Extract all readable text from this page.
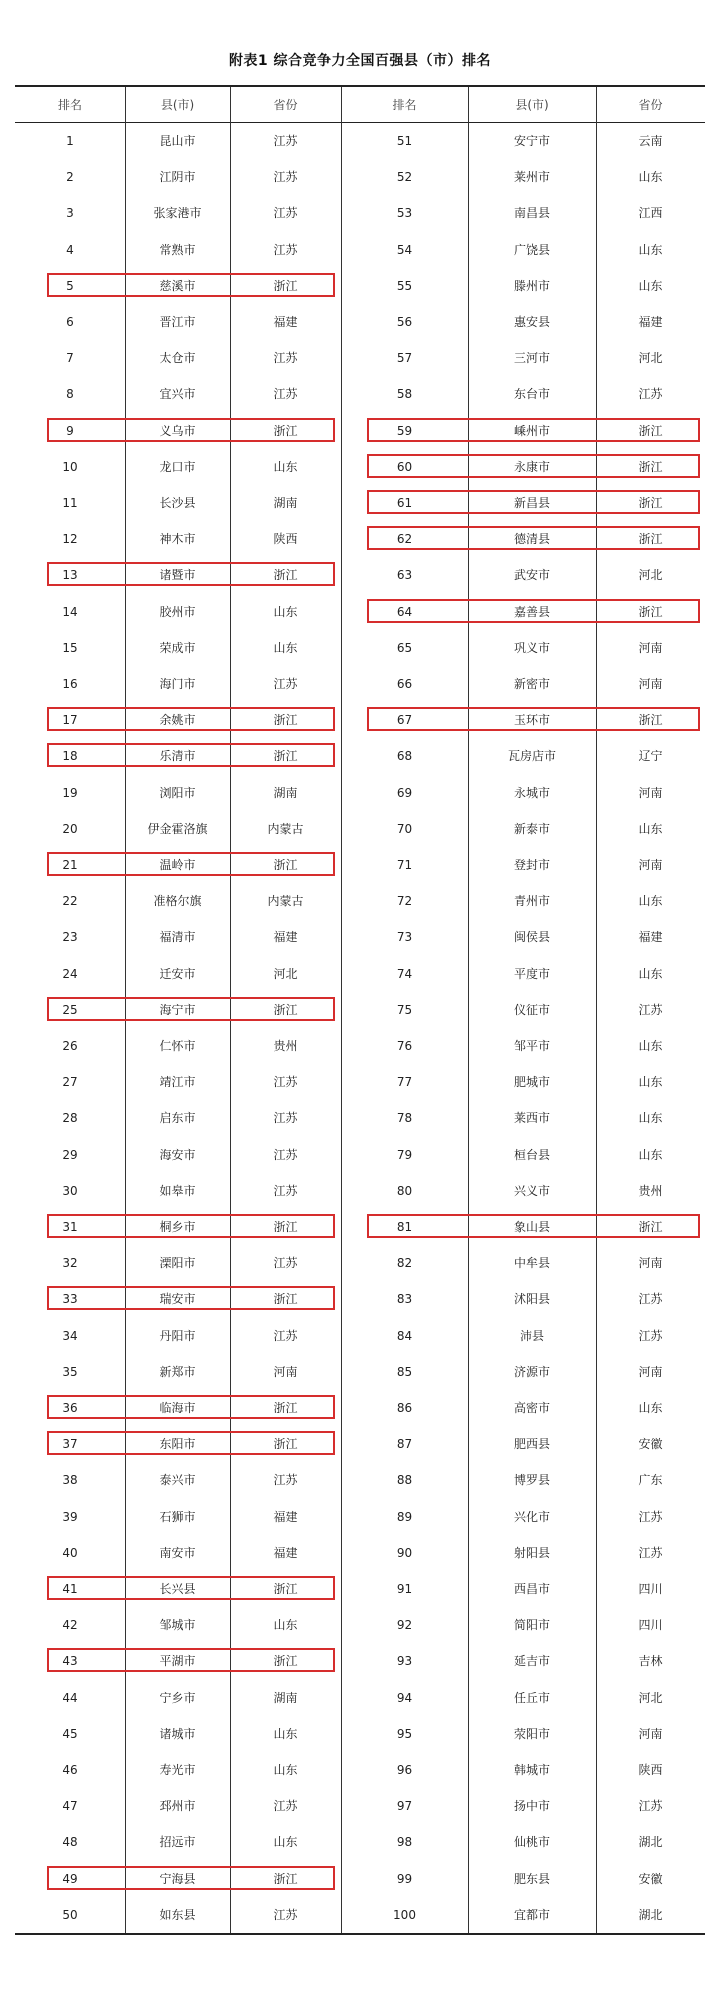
附表1 综合竞争力全国百强县（市）排名
排名	县(市)	省份	排名	县(市)	省份
1	昆山市	江苏	51	安宁市	云南
2	江阴市	江苏	52	莱州市	山东
3	张家港市	江苏	53	南昌县	江西
4	常熟市	江苏	54	广饶县	山东
5	慈溪市	浙江	55	滕州市	山东
6	晋江市	福建	56	惠安县	福建
7	太仓市	江苏	57	三河市	河北
8	宜兴市	江苏	58	东台市	江苏
9	义乌市	浙江	59	嵊州市	浙江
10	龙口市	山东	60	永康市	浙江
11	长沙县	湖南	61	新昌县	浙江
12	神木市	陕西	62	德清县	浙江
13	诸暨市	浙江	63	武安市	河北
14	胶州市	山东	64	嘉善县	浙江
15	荣成市	山东	65	巩义市	河南
16	海门市	江苏	66	新密市	河南
17	余姚市	浙江	67	玉环市	浙江
18	乐清市	浙江	68	瓦房店市	辽宁
19	浏阳市	湖南	69	永城市	河南
20	伊金霍洛旗	内蒙古	70	新泰市	山东
21	温岭市	浙江	71	登封市	河南
22	准格尔旗	内蒙古	72	青州市	山东
23	福清市	福建	73	闽侯县	福建
24	迁安市	河北	74	平度市	山东
25	海宁市	浙江	75	仪征市	江苏
26	仁怀市	贵州	76	邹平市	山东
27	靖江市	江苏	77	肥城市	山东
28	启东市	江苏	78	莱西市	山东
29	海安市	江苏	79	桓台县	山东
30	如皋市	江苏	80	兴义市	贵州
31	桐乡市	浙江	81	象山县	浙江
32	溧阳市	江苏	82	中牟县	河南
33	瑞安市	浙江	83	沭阳县	江苏
34	丹阳市	江苏	84	沛县	江苏
35	新郑市	河南	85	济源市	河南
36	临海市	浙江	86	高密市	山东
37	东阳市	浙江	87	肥西县	安徽
38	泰兴市	江苏	88	博罗县	广东
39	石狮市	福建	89	兴化市	江苏
40	南安市	福建	90	射阳县	江苏
41	长兴县	浙江	91	西昌市	四川
42	邹城市	山东	92	简阳市	四川
43	平湖市	浙江	93	延吉市	吉林
44	宁乡市	湖南	94	任丘市	河北
45	诸城市	山东	95	荥阳市	河南
46	寿光市	山东	96	韩城市	陕西
47	邳州市	江苏	97	扬中市	江苏
48	招远市	山东	98	仙桃市	湖北
49	宁海县	浙江	99	肥东县	安徽
50	如东县	江苏	100	宜都市	湖北
